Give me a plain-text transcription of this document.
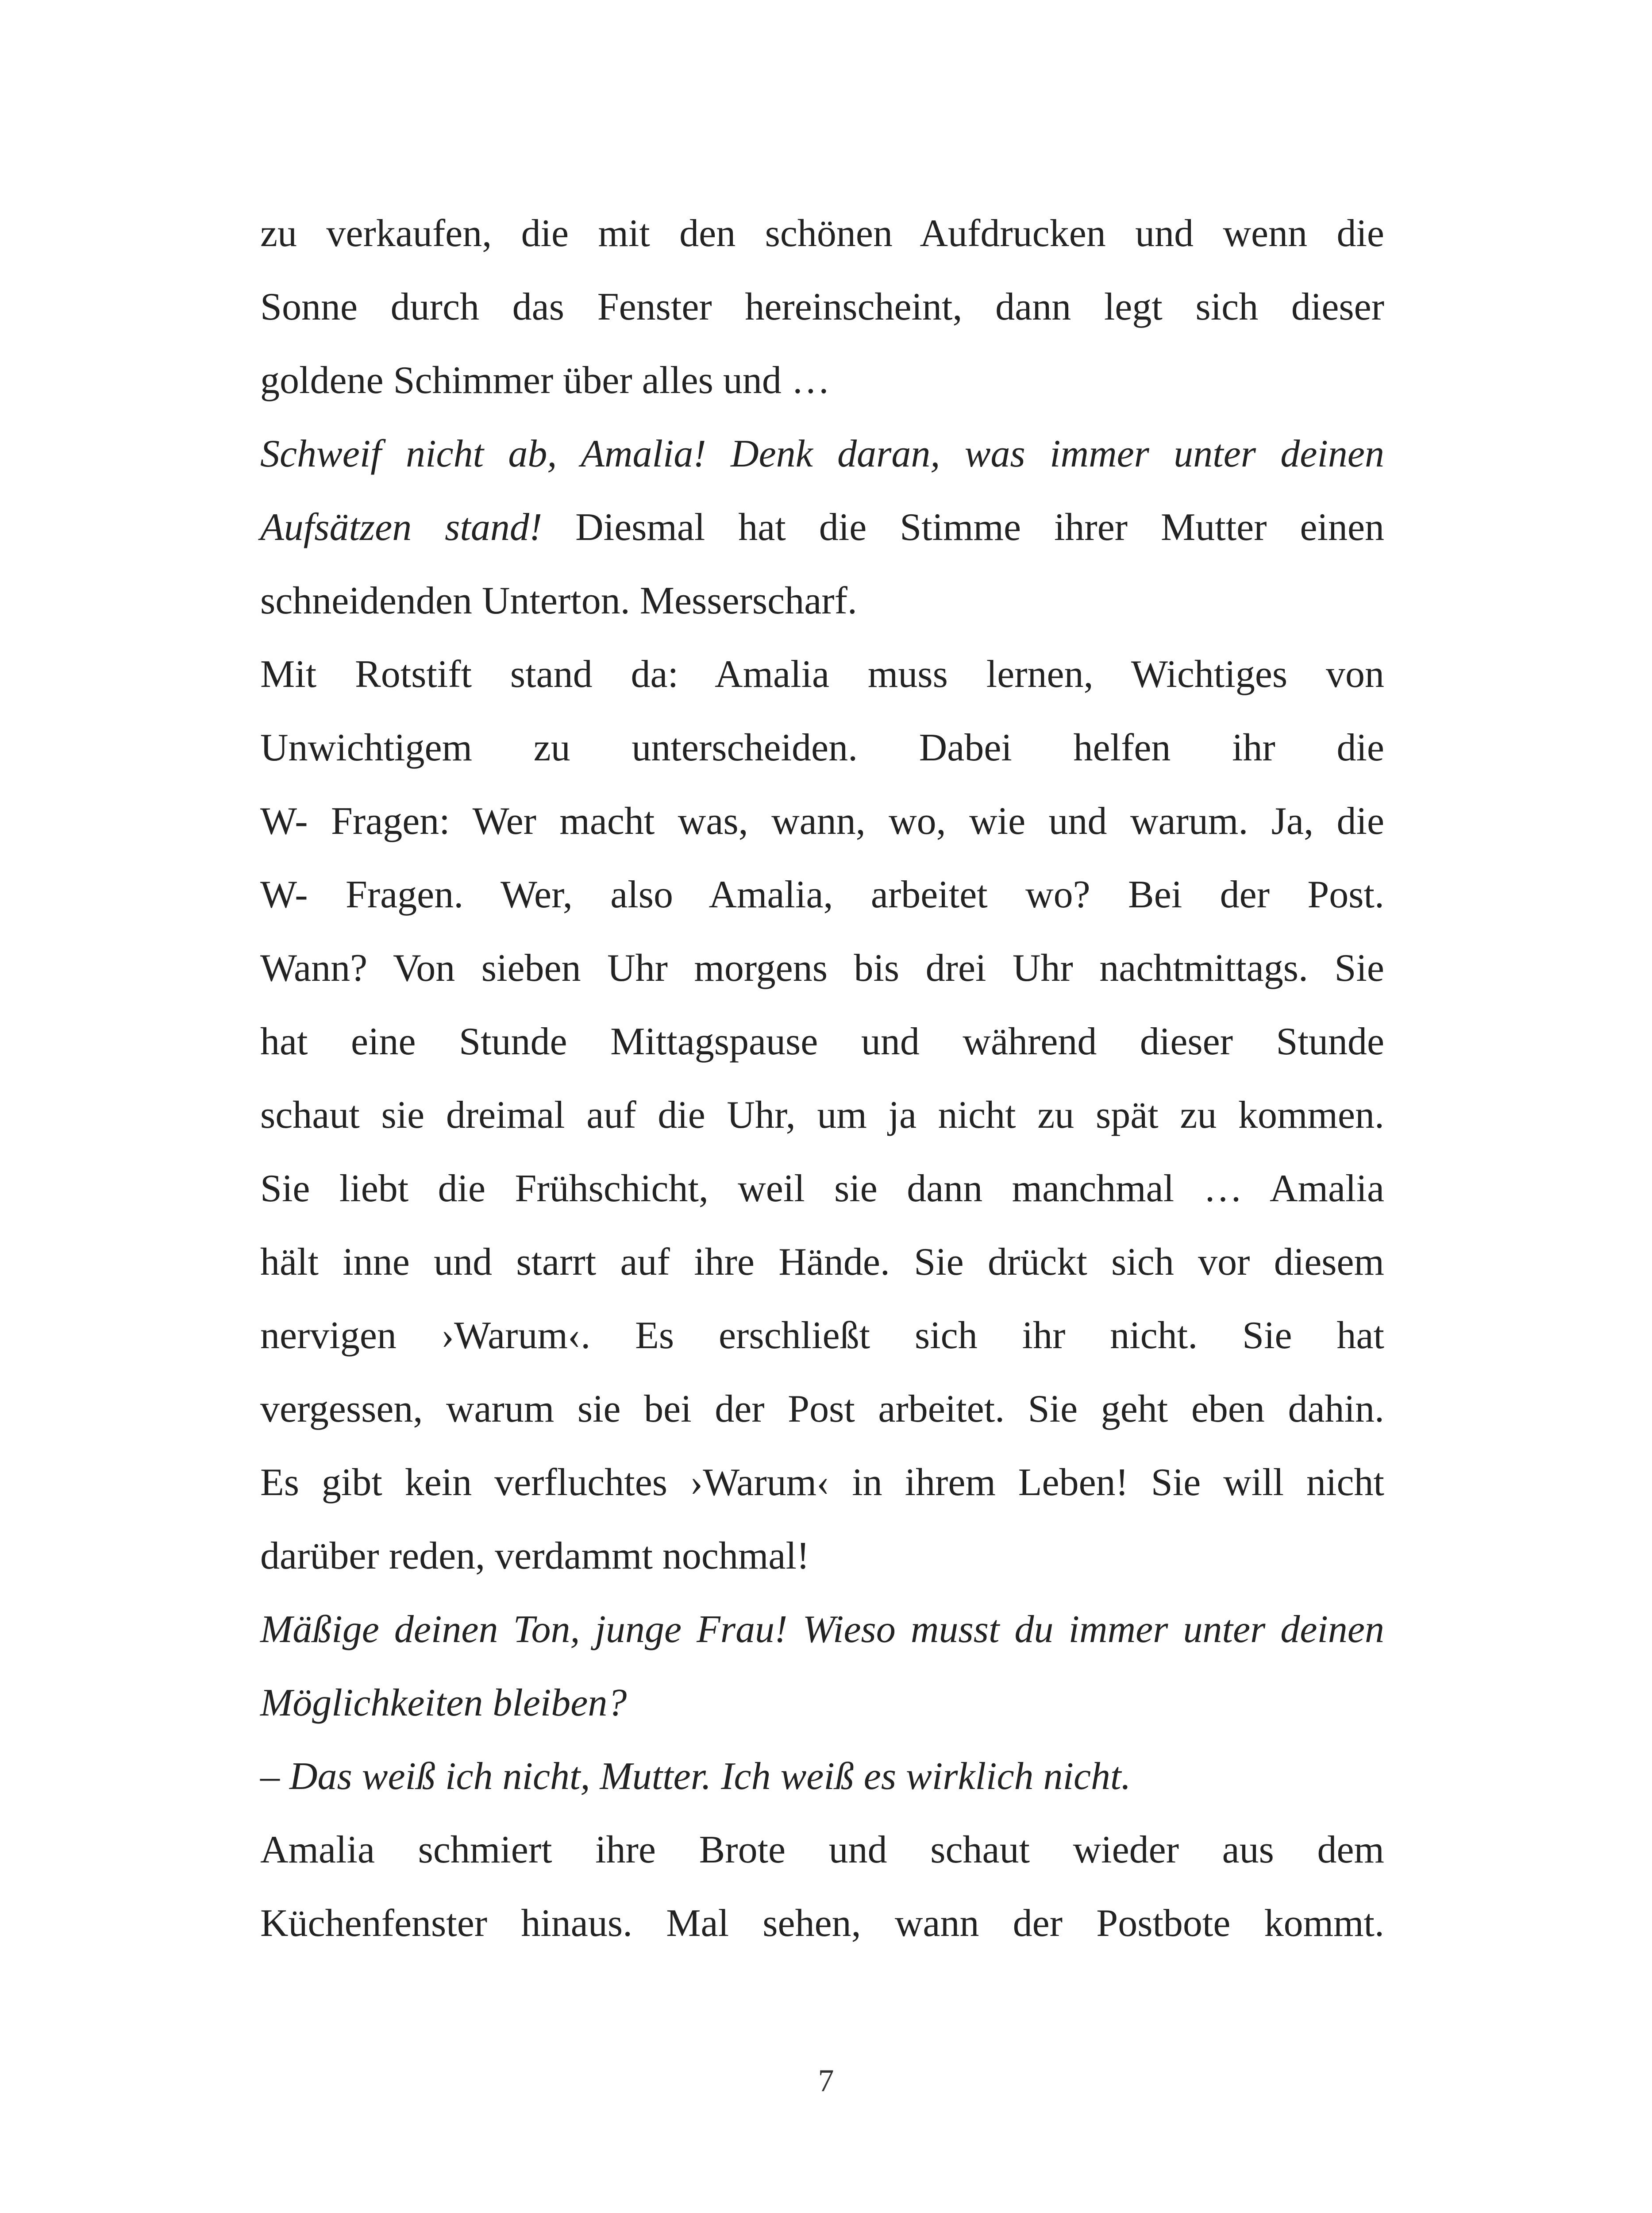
zu verkaufen, die mit den schönen Aufdrucken und wenn die
Sonne durch das Fenster hereinscheint, dann legt sich dieser
goldene Schimmer über alles und …
Schweif nicht ab, Amalia! Denk daran, was immer unter deinen
Aufsätzen stand! Diesmal hat die Stimme ihrer Mutter einen
schneidenden Unterton. Messerscharf.
Mit Rotstift stand da: Amalia muss lernen, Wichtiges von
Unwichtigem zu unterscheiden. Dabei helfen ihr die
W- Fragen: Wer macht was, wann, wo, wie und warum. Ja, die
W- Fragen. Wer, also Amalia, arbeitet wo? Bei der Post.
Wann? Von sieben Uhr morgens bis drei Uhr nachtmittags. Sie
hat eine Stunde Mittagspause und während dieser Stunde
schaut sie dreimal auf die Uhr, um ja nicht zu spät zu kommen.
Sie liebt die Frühschicht, weil sie dann manchmal … Amalia
hält inne und starrt auf ihre Hände. Sie drückt sich vor diesem
nervigen ›Warum‹. Es erschließt sich ihr nicht. Sie hat
vergessen, warum sie bei der Post arbeitet. Sie geht eben dahin.
Es gibt kein verfluchtes ›Warum‹ in ihrem Leben! Sie will nicht
darüber reden, verdammt nochmal!
Mäßige deinen Ton, junge Frau! Wieso musst du immer unter deinen
Möglichkeiten bleiben?
– Das weiß ich nicht, Mutter. Ich weiß es wirklich nicht.
Amalia schmiert ihre Brote und schaut wieder aus dem
Küchenfenster hinaus. Mal sehen, wann der Postbote kommt.
7
